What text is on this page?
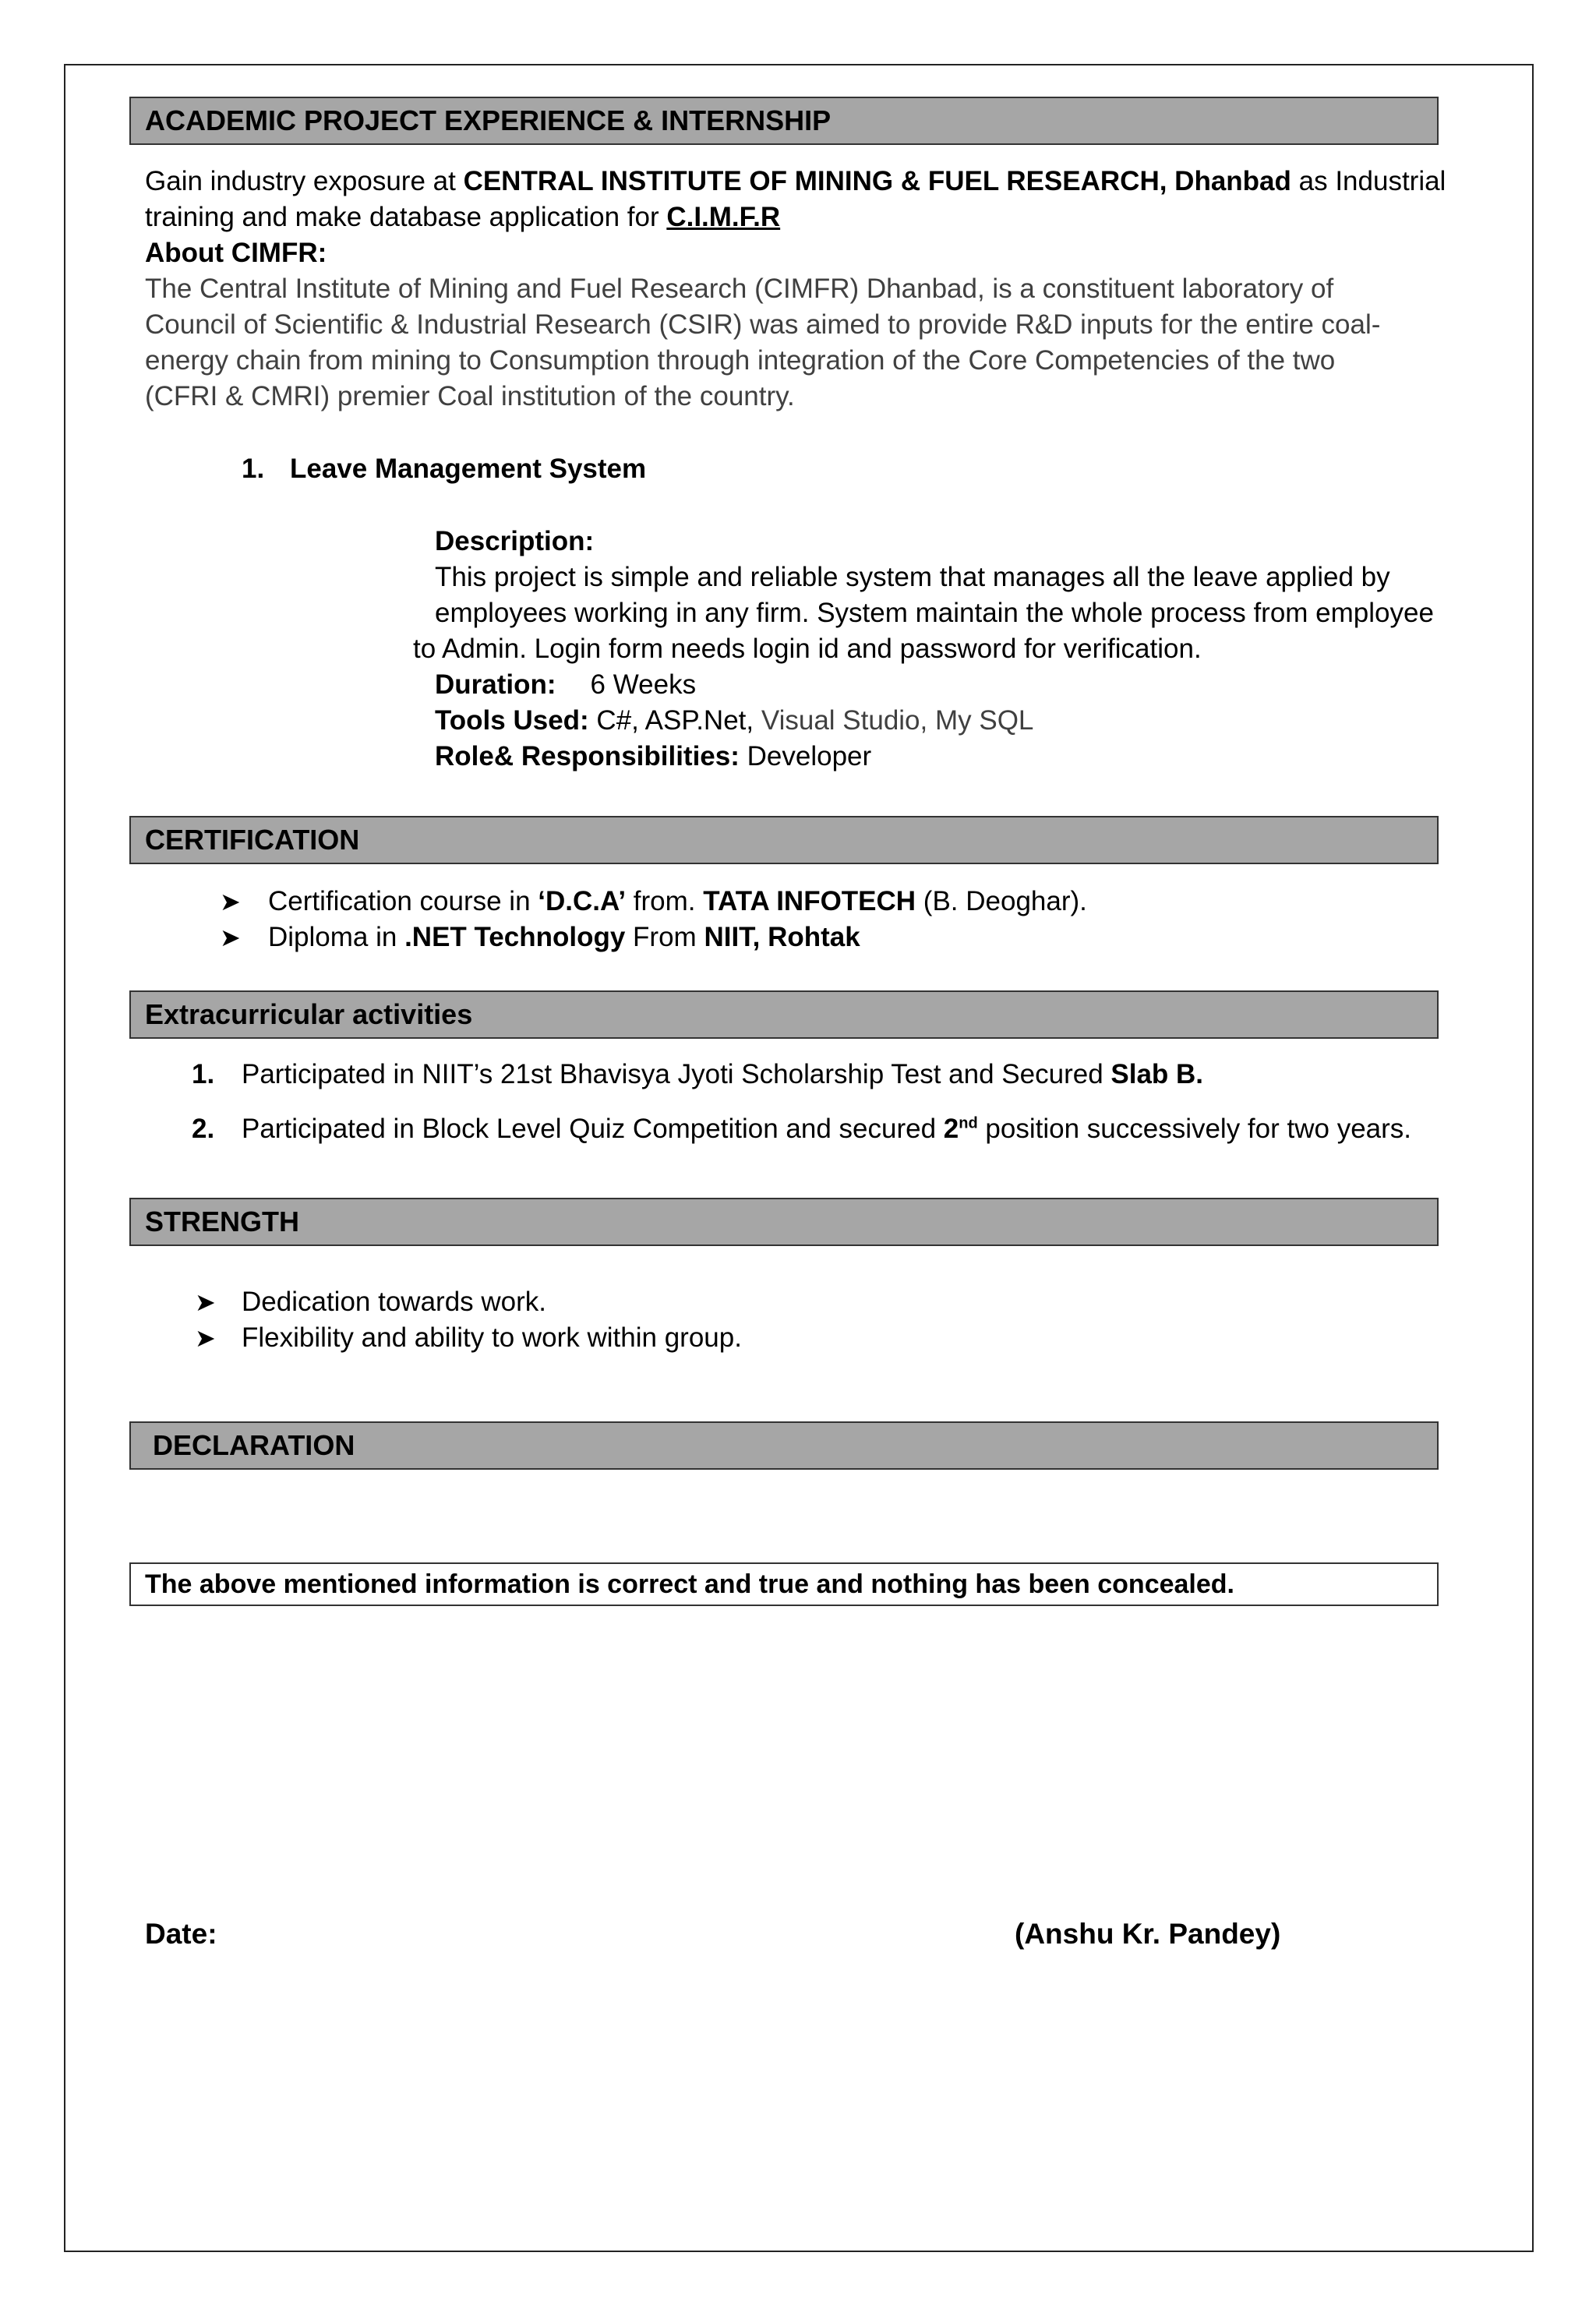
ACADEMIC PROJECT EXPERIENCE & INTERNSHIP
Gain industry exposure at CENTRAL INSTITUTE OF MINING & FUEL RESEARCH, Dhanbad as Industrial
training and make database application for C.I.M.F.R
About CIMFR:
The Central Institute of Mining and Fuel Research (CIMFR) Dhanbad, is a constituent laboratory of
Council of Scientific & Industrial Research (CSIR) was aimed to provide R&D inputs for the entire coal-
energy chain from mining to Consumption through integration of the Core Competencies of the two
(CFRI & CMRI) premier Coal institution of the country.
1. Leave Management System
Description:
This project is simple and reliable system that manages all the leave applied by
employees working in any firm. System maintain the whole process from employee
to Admin. Login form needs login id and password for verification.
Duration: 6 Weeks
Tools Used: C#, ASP.Net, Visual Studio, My SQL
Role& Responsibilities: Developer
CERTIFICATION
➤ Certification course in ‘D.C.A’ from. TATA INFOTECH (B. Deoghar).
➤ Diploma in .NET Technology From NIIT, Rohtak
Extracurricular activities
1. Participated in NIIT’s 21st Bhavisya Jyoti Scholarship Test and Secured Slab B.
2. Participated in Block Level Quiz Competition and secured 2nd position successively for two years.
STRENGTH
➤ Dedication towards work.
➤ Flexibility and ability to work within group.
DECLARATION
The above mentioned information is correct and true and nothing has been concealed.
Date:	(Anshu Kr. Pandey)
